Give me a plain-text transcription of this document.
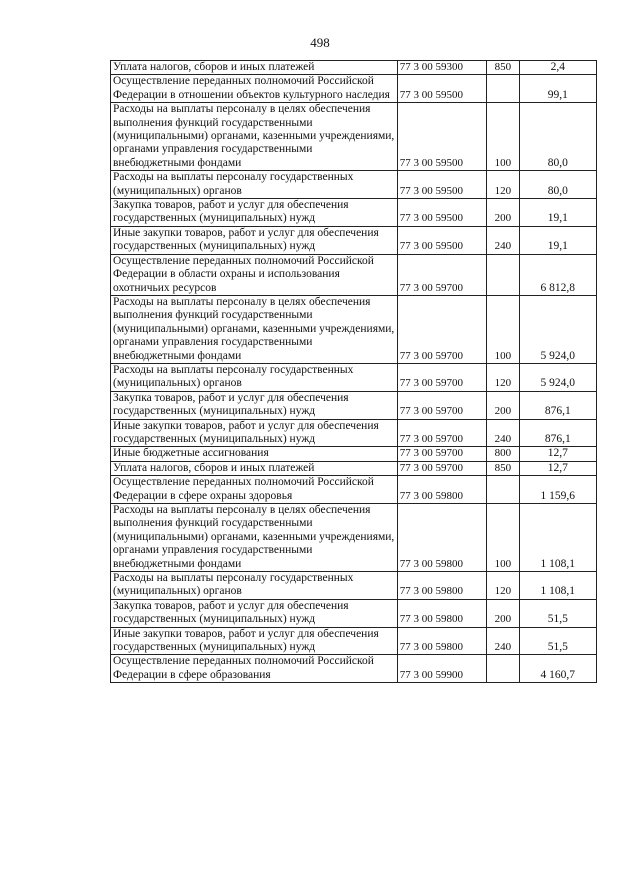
498
Уплата налогов, сборов и иных платежей	77 3 00 59300	850	2,4
Осуществление переданных полномочий Российской Федерации в отношении объектов культурного наследия	77 3 00 59500		99,1
Расходы на выплаты персоналу в целях обеспечения выполнения функций государственными (муниципальными) органами, казенными учреждениями, органами управления государственными внебюджетными фондами	77 3 00 59500	100	80,0
Расходы на выплаты персоналу государственных (муниципальных) органов	77 3 00 59500	120	80,0
Закупка товаров, работ и услуг для обеспечения государственных (муниципальных) нужд	77 3 00 59500	200	19,1
Иные закупки товаров, работ и услуг для обеспечения государственных (муниципальных) нужд	77 3 00 59500	240	19,1
Осуществление переданных полномочий Российской Федерации в области охраны и использования охотничьих ресурсов	77 3 00 59700		6 812,8
Расходы на выплаты персоналу в целях обеспечения выполнения функций государственными (муниципальными) органами, казенными учреждениями, органами управления государственными внебюджетными фондами	77 3 00 59700	100	5 924,0
Расходы на выплаты персоналу государственных (муниципальных) органов	77 3 00 59700	120	5 924,0
Закупка товаров, работ и услуг для обеспечения государственных (муниципальных) нужд	77 3 00 59700	200	876,1
Иные закупки товаров, работ и услуг для обеспечения государственных (муниципальных) нужд	77 3 00 59700	240	876,1
Иные бюджетные ассигнования	77 3 00 59700	800	12,7
Уплата налогов, сборов и иных платежей	77 3 00 59700	850	12,7
Осуществление переданных полномочий Российской Федерации в сфере охраны здоровья	77 3 00 59800		1 159,6
Расходы на выплаты персоналу в целях обеспечения выполнения функций государственными (муниципальными) органами, казенными учреждениями, органами управления государственными внебюджетными фондами	77 3 00 59800	100	1 108,1
Расходы на выплаты персоналу государственных (муниципальных) органов	77 3 00 59800	120	1 108,1
Закупка товаров, работ и услуг для обеспечения государственных (муниципальных) нужд	77 3 00 59800	200	51,5
Иные закупки товаров, работ и услуг для обеспечения государственных (муниципальных) нужд	77 3 00 59800	240	51,5
Осуществление переданных полномочий Российской Федерации в сфере образования	77 3 00 59900		4 160,7
